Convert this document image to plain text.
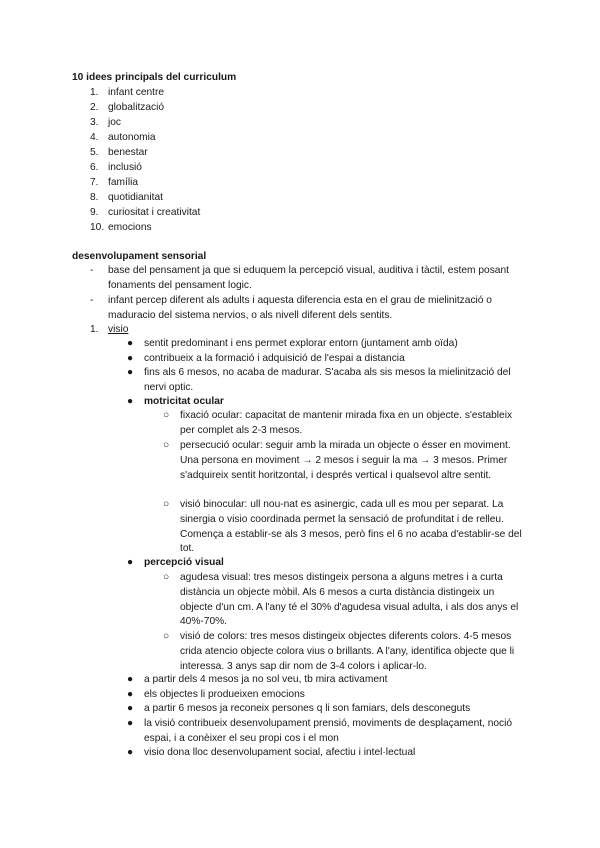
10 idees principals del curriculum
1. infant centre
2. globalització
3. joc
4. autonomia
5. benestar
6. inclusió
7. família
8. quotidianitat
9. curiositat i creativitat
10. emocions
desenvolupament sensorial
-	base del pensament ja que si eduquem la percepció visual, auditiva i tàctil, estem posant fonaments del pensament logic.
-	infant percep diferent als adults i aquesta diferencia esta en el grau de mielinització o maduracio del sistema nervios, o als nivell diferent dels sentits.
1. visio
●	sentit predominant i ens permet explorar entorn (juntament amb oïda)
●	contribueix a la formació i adquisició de l'espai a distancia
●	fins als 6 mesos, no acaba de madurar. S'acaba als sis mesos la mielinització del nervi optic.
●	motricitat ocular
○	fixació ocular: capacitat de mantenir mirada fixa en un objecte. s'estableix per complet als 2-3 mesos.
○	persecució ocular: seguir amb la mirada un objecte o ésser en moviment. Una persona en moviment → 2 mesos i seguir la ma → 3 mesos. Primer s'adquireix sentit horitzontal, i després vertical i qualsevol altre sentit.
○	visió binocular: ull nou-nat es asinergic, cada ull es mou per separat. La sinergia o visio coordinada permet la sensació de profunditat i de relleu. Comença a establir-se als 3 mesos, però fins el 6 no acaba d'establir-se del tot.
●	percepció visual
○	agudesa visual: tres mesos distingeix persona a alguns metres i a curta distància un objecte mòbil. Als 6 mesos a curta distància distingeix un objecte d'un cm. A l'any té el 30% d'agudesa visual adulta, i als dos anys el 40%-70%.
○	visió de colors: tres mesos distingeix objectes diferents colors. 4-5 mesos crida atencio objecte colora vius o brillants. A l'any, identifica objecte que li interessa. 3 anys sap dir nom de 3-4 colors i aplicar-lo.
●	a partir dels 4 mesos ja no sol veu, tb mira activament
●	els objectes li produeixen emocions
●	a partir 6 mesos ja reconeix persones q li son famiars, dels desconeguts
●	la visió contribueix desenvolupament prensió, moviments de desplaçament, noció espai, i a conèixer el seu propi cos i el mon
●	visio dona lloc desenvolupament social, afectiu i intel·lectual
